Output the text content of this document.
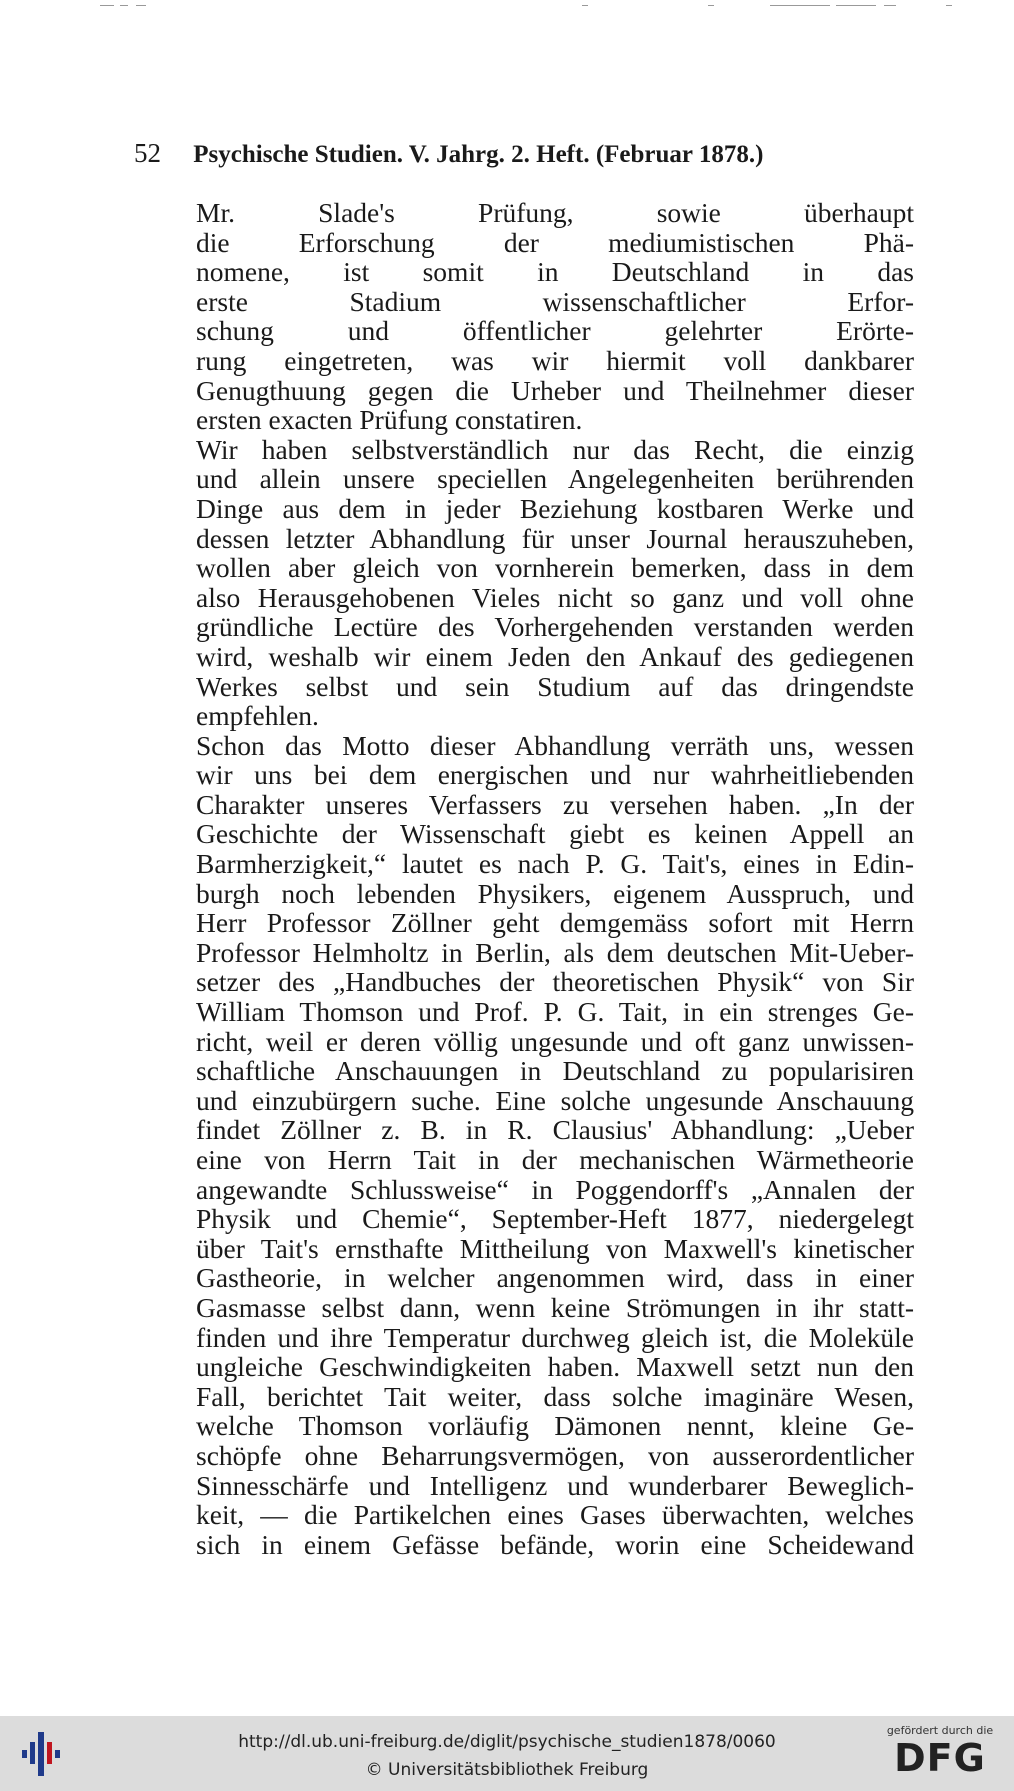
52 Psychische Studien. V. Jahrg. 2. Heft. (Februar 1878.)

Mr. Slade's Prüfung, sowie überhaupt
die Erforschung der mediumistischen Phä-
nomene, ist somit in Deutschland in das
erste Stadium wissenschaftlicher Erfor-
schung und öffentlicher gelehrter Erörte-
rung eingetreten, was wir hiermit voll dankbarer
Genugthuung gegen die Urheber und Theilnehmer dieser
ersten exacten Prüfung constatiren.

Wir haben selbstverständlich nur das Recht, die einzig
und allein unsere speciellen Angelegenheiten berührenden
Dinge aus dem in jeder Beziehung kostbaren Werke und
dessen letzter Abhandlung für unser Journal herauszuheben,
wollen aber gleich von vornherein bemerken, dass in dem
also Herausgehobenen Vieles nicht so ganz und voll ohne
gründliche Lectüre des Vorhergehenden verstanden werden
wird, weshalb wir einem Jeden den Ankauf des gediegenen
Werkes selbst und sein Studium auf das dringendste
empfehlen.

Schon das Motto dieser Abhandlung verräth uns, wessen
wir uns bei dem energischen und nur wahrheitliebenden
Charakter unseres Verfassers zu versehen haben. „In der
Geschichte der Wissenschaft giebt es keinen Appell an
Barmherzigkeit,“ lautet es nach P. G. Tait's, eines in Edin-
burgh noch lebenden Physikers, eigenem Ausspruch, und
Herr Professor Zöllner geht demgemäss sofort mit Herrn
Professor Helmholtz in Berlin, als dem deutschen Mit-Ueber-
setzer des „Handbuches der theoretischen Physik“ von Sir
William Thomson und Prof. P. G. Tait, in ein strenges Ge-
richt, weil er deren völlig ungesunde und oft ganz unwissen-
schaftliche Anschauungen in Deutschland zu popularisiren
und einzubürgern suche. Eine solche ungesunde Anschauung
findet Zöllner z. B. in R. Clausius' Abhandlung: „Ueber
eine von Herrn Tait in der mechanischen Wärmetheorie
angewandte Schlussweise“ in Poggendorff's „Annalen der
Physik und Chemie“, September-Heft 1877, niedergelegt
über Tait's ernsthafte Mittheilung von Maxwell's kinetischer
Gastheorie, in welcher angenommen wird, dass in einer
Gasmasse selbst dann, wenn keine Strömungen in ihr statt-
finden und ihre Temperatur durchweg gleich ist, die Moleküle
ungleiche Geschwindigkeiten haben. Maxwell setzt nun den
Fall, berichtet Tait weiter, dass solche imaginäre Wesen,
welche Thomson vorläufig Dämonen nennt, kleine Ge-
schöpfe ohne Beharrungsvermögen, von ausserordentlicher
Sinnesschärfe und Intelligenz und wunderbarer Beweglich-
keit, — die Partikelchen eines Gases überwachten, welches
sich in einem Gefässe befände, worin eine Scheidewand

http://dl.ub.uni-freiburg.de/diglit/psychische_studien1878/0060
© Universitätsbibliothek Freiburg
gefördert durch die
DFG
